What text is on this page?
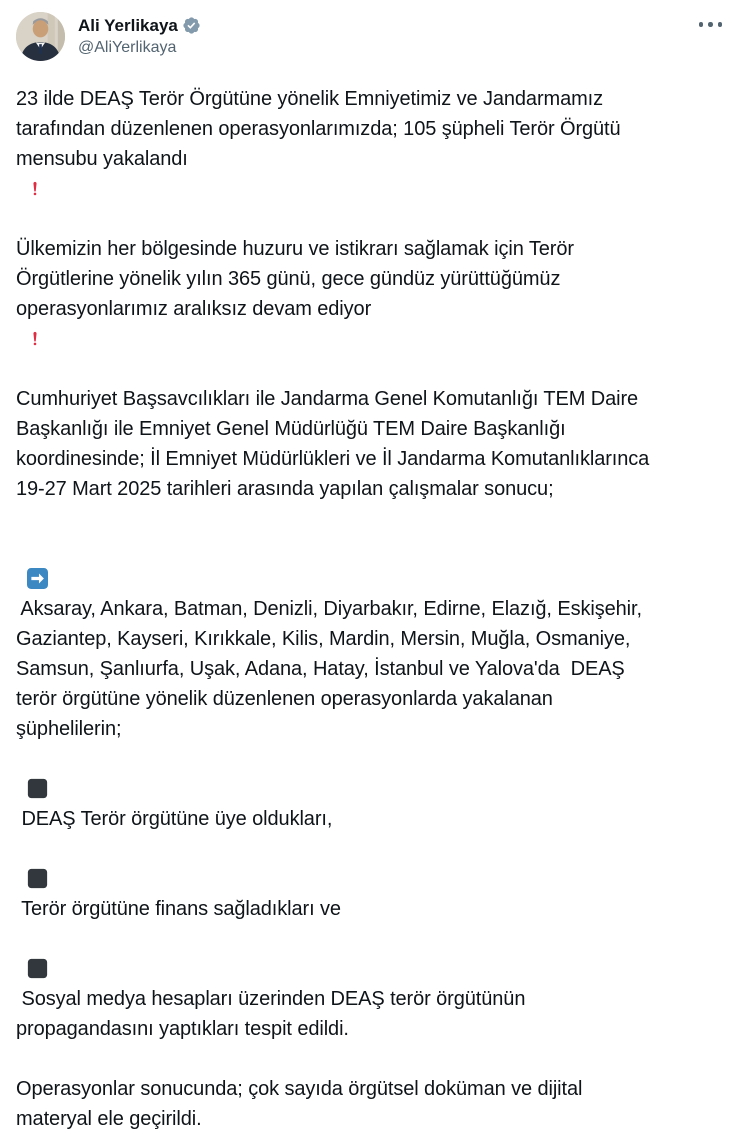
Ali Yerlikaya
@AliYerlikaya
23 ilde DEAŞ Terör Örgütüne yönelik Emniyetimiz ve Jandarmamız
tarafından düzenlenen operasyonlarımızda; 105 şüpheli Terör Örgütü
mensubu yakalandı

Ülkemizin her bölgesinde huzuru ve istikrarı sağlamak için Terör
Örgütlerine yönelik yılın 365 günü, gece gündüz yürüttüğümüz
operasyonlarımız aralıksız devam ediyor

Cumhuriyet Başsavcılıkları ile Jandarma Genel Komutanlığı TEM Daire
Başkanlığı ile Emniyet Genel Müdürlüğü TEM Daire Başkanlığı
koordinesinde; İl Emniyet Müdürlükleri ve İl Jandarma Komutanlıklarınca
19-27 Mart 2025 tarihleri arasında yapılan çalışmalar sonucu;

Aksaray, Ankara, Batman, Denizli, Diyarbakır, Edirne, Elazığ, Eskişehir,
Gaziantep, Kayseri, Kırıkkale, Kilis, Mardin, Mersin, Muğla, Osmaniye,
Samsun, Şanlıurfa, Uşak, Adana, Hatay, İstanbul ve Yalova'da  DEAŞ
terör örgütüne yönelik düzenlenen operasyonlarda yakalanan
şüphelilerin;

DEAŞ Terör örgütüne üye oldukları,

Terör örgütüne finans sağladıkları ve

Sosyal medya hesapları üzerinden DEAŞ terör örgütünün
propagandasını yaptıkları tespit edildi.
Operasyonlar sonucunda; çok sayıda örgütsel doküman ve dijital
materyal ele geçirildi.
